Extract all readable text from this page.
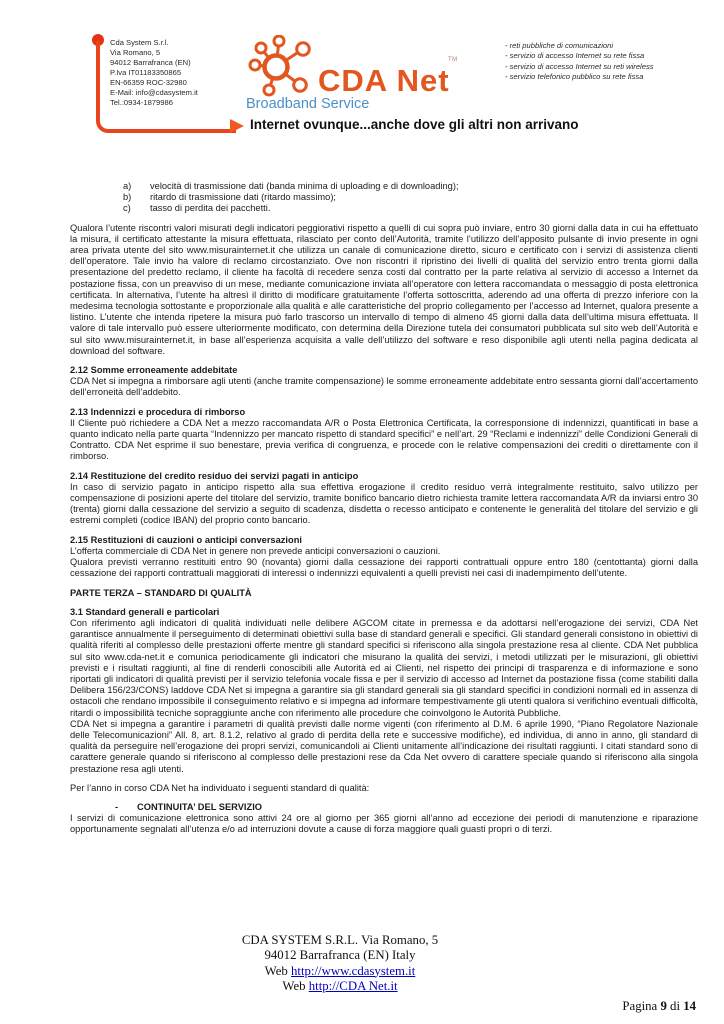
Cda System S.r.l.
Via Romano, 5
94012 Barrafranca (EN)
P.Iva IT01183350865
EN-66359 ROC-32980
E-Mail: info@cdasystem.it
Tel.:0934-1879986
CDA Net
TM
Broadband Service
Internet ovunque...anche dove gli altri non arrivano
- reti pubbliche di comunicazioni
- servizio di accesso Internet su rete fissa
- servizio di accesso Internet su reti wireless
- servizio telefonico pubblico su rete fissa
a)	velocità di trasmissione dati (banda minima di uploading e di downloading);
b)	ritardo di trasmissione dati (ritardo massimo);
c)	tasso di perdita dei pacchetti.

Qualora l’utente riscontri valori misurati degli indicatori peggiorativi rispetto a quelli di cui sopra può inviare, entro 30 giorni dalla data in cui ha effettuato la misura, il certificato attestante la misura effettuata, rilasciato per conto dell’Autorità, tramite l’utilizzo dell’apposito pulsante di invio presente in ogni area privata utente del sito www.misurainternet.it che utilizza un canale di comunicazione diretto, sicuro e certificato con i servizi di assistenza clienti dell’operatore. Tale invio ha valore di reclamo circostanziato. Ove non riscontri il ripristino dei livelli di qualità del servizio entro trenta giorni dalla presentazione del predetto reclamo, il cliente ha facoltà di recedere senza costi dal contratto per la parte relativa al servizio di accesso a Internet da postazione fissa, con un preavviso di un mese, mediante comunicazione inviata all’operatore con lettera raccomandata o messaggio di posta elettronica certificata. In alternativa, l’utente ha altresì il diritto di modificare gratuitamente l’offerta sottoscritta, aderendo ad una offerta di prezzo inferiore con la medesima tecnologia sottostante e proporzionale alla qualità e alle caratteristiche del proprio collegamento per l’accesso ad Internet, qualora presente a listino. L’utente che intenda ripetere la misura può farlo trascorso un intervallo di tempo di almeno 45 giorni dalla data dell’ultima misura effettuata. Il valore di tale intervallo può essere ulteriormente modificato, con determina della Direzione tutela dei consumatori pubblicata sul sito web dell’Autorità e sul sito www.misurainternet.it, in base all’esperienza acquisita a valle dell’utilizzo del software e reso disponibile agli utenti nella pagina dedicata al download del software.

2.12 Somme erroneamente addebitate

CDA Net si impegna a rimborsare agli utenti (anche tramite compensazione) le somme erroneamente addebitate entro sessanta giorni dall’accertamento dell’erroneità dell’addebito.

2.13 Indennizzi e procedura di rimborso

Il Cliente può richiedere a CDA Net a mezzo raccomandata A/R o Posta Elettronica Certificata, la corresponsione di indennizzi, quantificati in base a quanto indicato nella parte quarta “Indennizzo per mancato rispetto di standard specifici” e nell’art. 29 “Reclami e indennizzi” delle Condizioni Generali di Contratto. CDA Net esprime il suo benestare, previa verifica di congruenza, e procede con le relative compensazioni dei crediti o direttamente con il rimborso.

2.14 Restituzione del credito residuo dei servizi pagati in anticipo

In caso di servizio pagato in anticipo rispetto alla sua effettiva erogazione il credito residuo verrà integralmente restituito, salvo utilizzo per compensazione di posizioni aperte del titolare del servizio, tramite bonifico bancario dietro richiesta tramite lettera raccomandata A/R da inviarsi entro 30 (trenta) giorni dalla cessazione del servizio a seguito di scadenza, disdetta o recesso anticipato e contenente le generalità del titolare del servizio e gli estremi completi (codice IBAN) del proprio conto bancario.

2.15 Restituzioni di cauzioni o anticipi conversazioni

L’offerta commerciale di CDA Net in genere non prevede anticipi conversazioni o cauzioni.

Qualora previsti verranno restituiti entro 90 (novanta) giorni dalla cessazione dei rapporti contrattuali oppure entro 180 (centottanta) giorni dalla cessazione dei rapporti contrattuali maggiorati di interessi o indennizzi equivalenti a quelli previsti nei casi di inadempimento dell’utente.

PARTE TERZA – STANDARD DI QUALITÀ
3.1 Standard generali e particolari

Con riferimento agli indicatori di qualità individuati nelle delibere AGCOM citate in premessa e da adottarsi nell’erogazione dei servizi, CDA Net garantisce annualmente il perseguimento di determinati obiettivi sulla base di standard generali e specifici. Gli standard generali consistono in obiettivi di qualità riferiti al complesso delle prestazioni offerte mentre gli standard specifici si riferiscono alla singola prestazione resa al cliente. CDA Net pubblica sul sito www.cda-net.it e comunica periodicamente gli indicatori che misurano la qualità dei servizi, i metodi utilizzati per le misurazioni, gli obiettivi previsti e i risultati raggiunti, al fine di renderli conoscibili alle Autorità ed ai Clienti, nel rispetto dei principi di trasparenza e di informazione e sono riportati gli indicatori di qualità previsti per il servizio telefonia vocale fissa e per il servizio di accesso ad Internet da postazione fissa (come stabiliti dalla Delibera 156/23/CONS) laddove CDA Net si impegna a garantire sia gli standard generali sia gli standard specifici in condizioni normali ed in assenza di ostacoli che rendano impossibile il conseguimento relativo e si impegna ad informare tempestivamente gli utenti qualora si verifichino eventuali difficoltà, ritardi o impossibilità tecniche sopraggiunte anche con riferimento alle procedure che coinvolgono le Autorità Pubbliche.

CDA Net si impegna a garantire i parametri di qualità previsti dalle norme vigenti (con riferimento al D.M. 6 aprile 1990, “Piano Regolatore Nazionale delle Telecomunicazioni” All. 8, art. 8.1.2, relativo al grado di perdita della rete e successive modifiche), ed individua, di anno in anno, gli standard di qualità da perseguire nell’erogazione dei propri servizi, comunicandoli ai Clienti unitamente all’indicazione dei risultati raggiunti. I citati standard sono di carattere generale quando si riferiscono al complesso delle prestazioni rese da Cda Net ovvero di carattere speciale quando si riferiscono alla singola prestazione resa agli utenti.

Per l’anno in corso CDA Net ha individuato i seguenti standard di qualità:

-	CONTINUITA’ DEL SERVIZIO

I servizi di comunicazione elettronica sono attivi 24 ore al giorno per 365 giorni all’anno ad eccezione dei periodi di manutenzione e riparazione opportunamente segnalati all’utenza e/o ad interruzioni dovute a cause di forza maggiore quali guasti propri o di terzi.

CDA SYSTEM S.R.L. Via Romano, 5
94012 Barrafranca (EN) Italy
Web http://www.cdasystem.it
Web http://CDA Net.it
Pagina 9 di 14
